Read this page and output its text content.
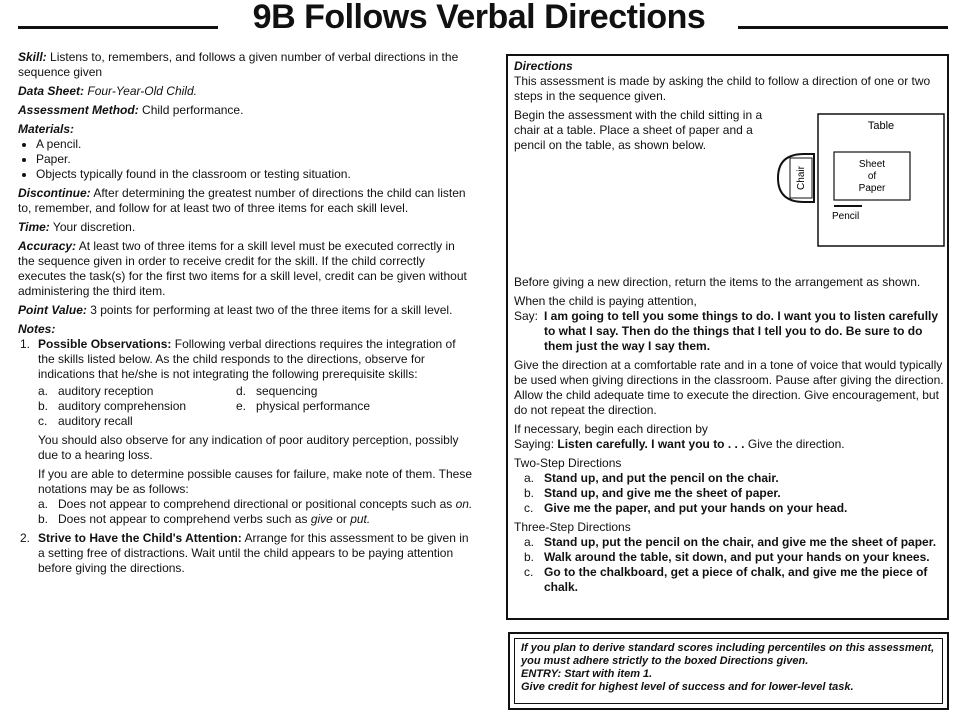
9B Follows Verbal Directions

Skill: Listens to, remembers, and follows a given number of verbal directions in the sequence given

Data Sheet: Four-Year-Old Child.

Assessment Method: Child performance.

Materials:

• A pencil.
• Paper.
• Objects typically found in the classroom or testing situation.

Discontinue: After determining the greatest number of directions the child can listen to, remember, and follow for at least two of three items for each skill level.

Time: Your discretion.

Accuracy: At least two of three items for a skill level must be executed correctly in the sequence given in order to receive credit for the skill. If the child correctly executes the task(s) for the first two items for a skill level, credit can be given without administering the third item.

Point Value: 3 points for performing at least two of the three items for a skill level.

Notes:

1. Possible Observations: Following verbal directions requires the integration of the skills listed below. As the child responds to the directions, observe for indications that he/she is not integrating the following prerequisite skills:

a. auditory reception	d. sequencing
b. auditory comprehension	e. physical performance
c. auditory recall

You should also observe for any indication of poor auditory perception, possibly due to a hearing loss.

If you are able to determine possible causes for failure, make note of them. These notations may be as follows:

a. Does not appear to comprehend directional or positional concepts such as on.
b. Does not appear to comprehend verbs such as give or put.
2. Strive to Have the Child's Attention: Arrange for this assessment to be given in a setting free of distractions. Wait until the child appears to be paying attention before giving the directions.

Directions

This assessment is made by asking the child to follow a direction of one or two steps in the sequence given.

Begin the assessment with the child sitting in a chair at a table. Place a sheet of paper and a pencil on the table, as shown below.

Before giving a new direction, return the items to the arrangement as shown.

When the child is paying attention,

Say: I am going to tell you some things to do. I want you to listen carefully to what I say. Then do the things that I tell you to do. Be sure to do them just the way I say them.

Give the direction at a comfortable rate and in a tone of voice that would typically be used when giving directions in the classroom. Pause after giving the direction. Allow the child adequate time to execute the direction. Give encouragement, but do not repeat the direction.

If necessary, begin each direction by

Saying: Listen carefully. I want you to . . . Give the direction.

Two-Step Directions

a. Stand up, and put the pencil on the chair.
b. Stand up, and give me the sheet of paper.
c. Give me the paper, and put your hands on your head.

Three-Step Directions

a. Stand up, put the pencil on the chair, and give me the sheet of paper.
b. Walk around the table, sit down, and put your hands on your knees.
c. Go to the chalkboard, get a piece of chalk, and give me the piece of chalk.
Table
Sheet
of
Paper
Pencil
Chair

If you plan to derive standard scores including percentiles on this assessment, you must adhere strictly to the boxed Directions given.

ENTRY: Start with item 1.

Give credit for highest level of success and for lower-level task.
